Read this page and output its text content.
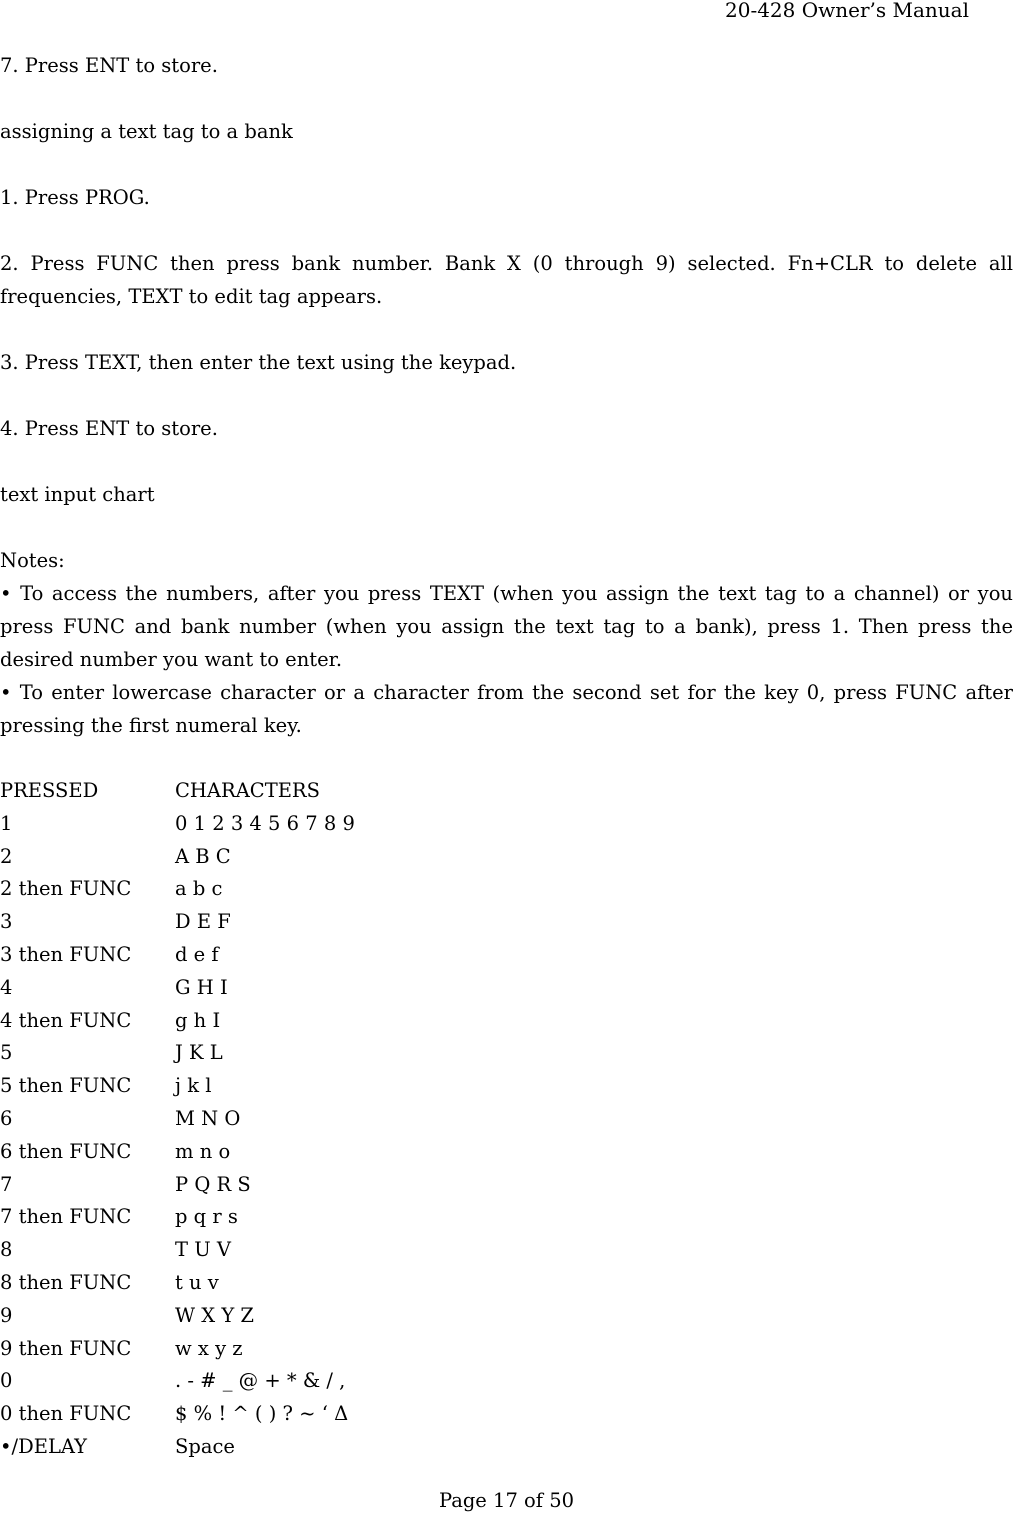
20-428 Owner’s Manual
7. Press ENT to store.
assigning a text tag to a bank
1. Press PROG.
2. Press FUNC then press bank number. Bank X (0 through 9) selected. Fn+CLR to delete all frequencies, TEXT to edit tag appears.
3. Press TEXT, then enter the text using the keypad.
4. Press ENT to store.
text input chart
Notes:
• To access the numbers, after you press TEXT (when you assign the text tag to a channel) or you press FUNC and bank number (when you assign the text tag to a bank), press 1. Then press the desired number you want to enter.
• To enter lowercase character or a character from the second set for the key 0, press FUNC after pressing the first numeral key.
PRESSED	CHARACTERS
1	0 1 2 3 4 5 6 7 8 9
2	A B C
2 then FUNC	a b c
3	D E F
3 then FUNC	d e f
4	G H I
4 then FUNC	g h I
5	J K L
5 then FUNC	j k l
6	M N O
6 then FUNC	m n o
7	P Q R S
7 then FUNC	p q r s
8	T U V
8 then FUNC	t u v
9	W X Y Z
9 then FUNC	w x y z
0	. - # _ @ + * & / ,
0 then FUNC	$ % ! ^ ( ) ? ~ ‘ Δ
•/DELAY	Space
Page 17 of 50
